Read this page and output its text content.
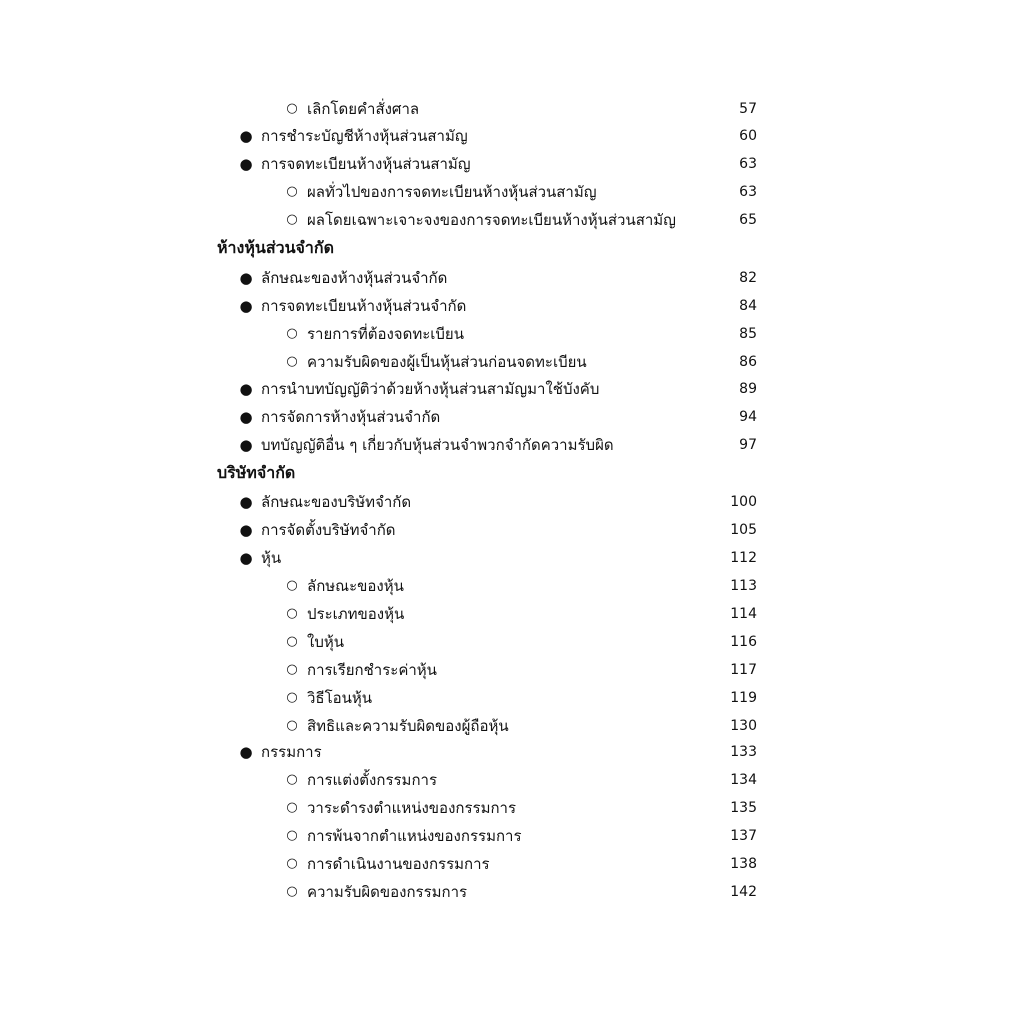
○ เลิกโดยคำสั่งศาล	57
● การชำระบัญชีห้างหุ้นส่วนสามัญ	60
● การจดทะเบียนห้างหุ้นส่วนสามัญ	63
○ ผลทั่วไปของการจดทะเบียนห้างหุ้นส่วนสามัญ	63
○ ผลโดยเฉพาะเจาะจงของการจดทะเบียนห้างหุ้นส่วนสามัญ	65
ห้างหุ้นส่วนจำกัด
● ลักษณะของห้างหุ้นส่วนจำกัด	82
● การจดทะเบียนห้างหุ้นส่วนจำกัด	84
○ รายการที่ต้องจดทะเบียน	85
○ ความรับผิดของผู้เป็นหุ้นส่วนก่อนจดทะเบียน	86
● การนำบทบัญญัติว่าด้วยห้างหุ้นส่วนสามัญมาใช้บังคับ	89
● การจัดการห้างหุ้นส่วนจำกัด	94
● บทบัญญัติอื่น ๆ เกี่ยวกับหุ้นส่วนจำพวกจำกัดความรับผิด	97
บริษัทจำกัด
● ลักษณะของบริษัทจำกัด	100
● การจัดตั้งบริษัทจำกัด	105
● หุ้น	112
○ ลักษณะของหุ้น	113
○ ประเภทของหุ้น	114
○ ใบหุ้น	116
○ การเรียกชำระค่าหุ้น	117
○ วิธีโอนหุ้น	119
○ สิทธิและความรับผิดของผู้ถือหุ้น	130
● กรรมการ	133
○ การแต่งตั้งกรรมการ	134
○ วาระดำรงตำแหน่งของกรรมการ	135
○ การพ้นจากตำแหน่งของกรรมการ	137
○ การดำเนินงานของกรรมการ	138
○ ความรับผิดของกรรมการ	142
